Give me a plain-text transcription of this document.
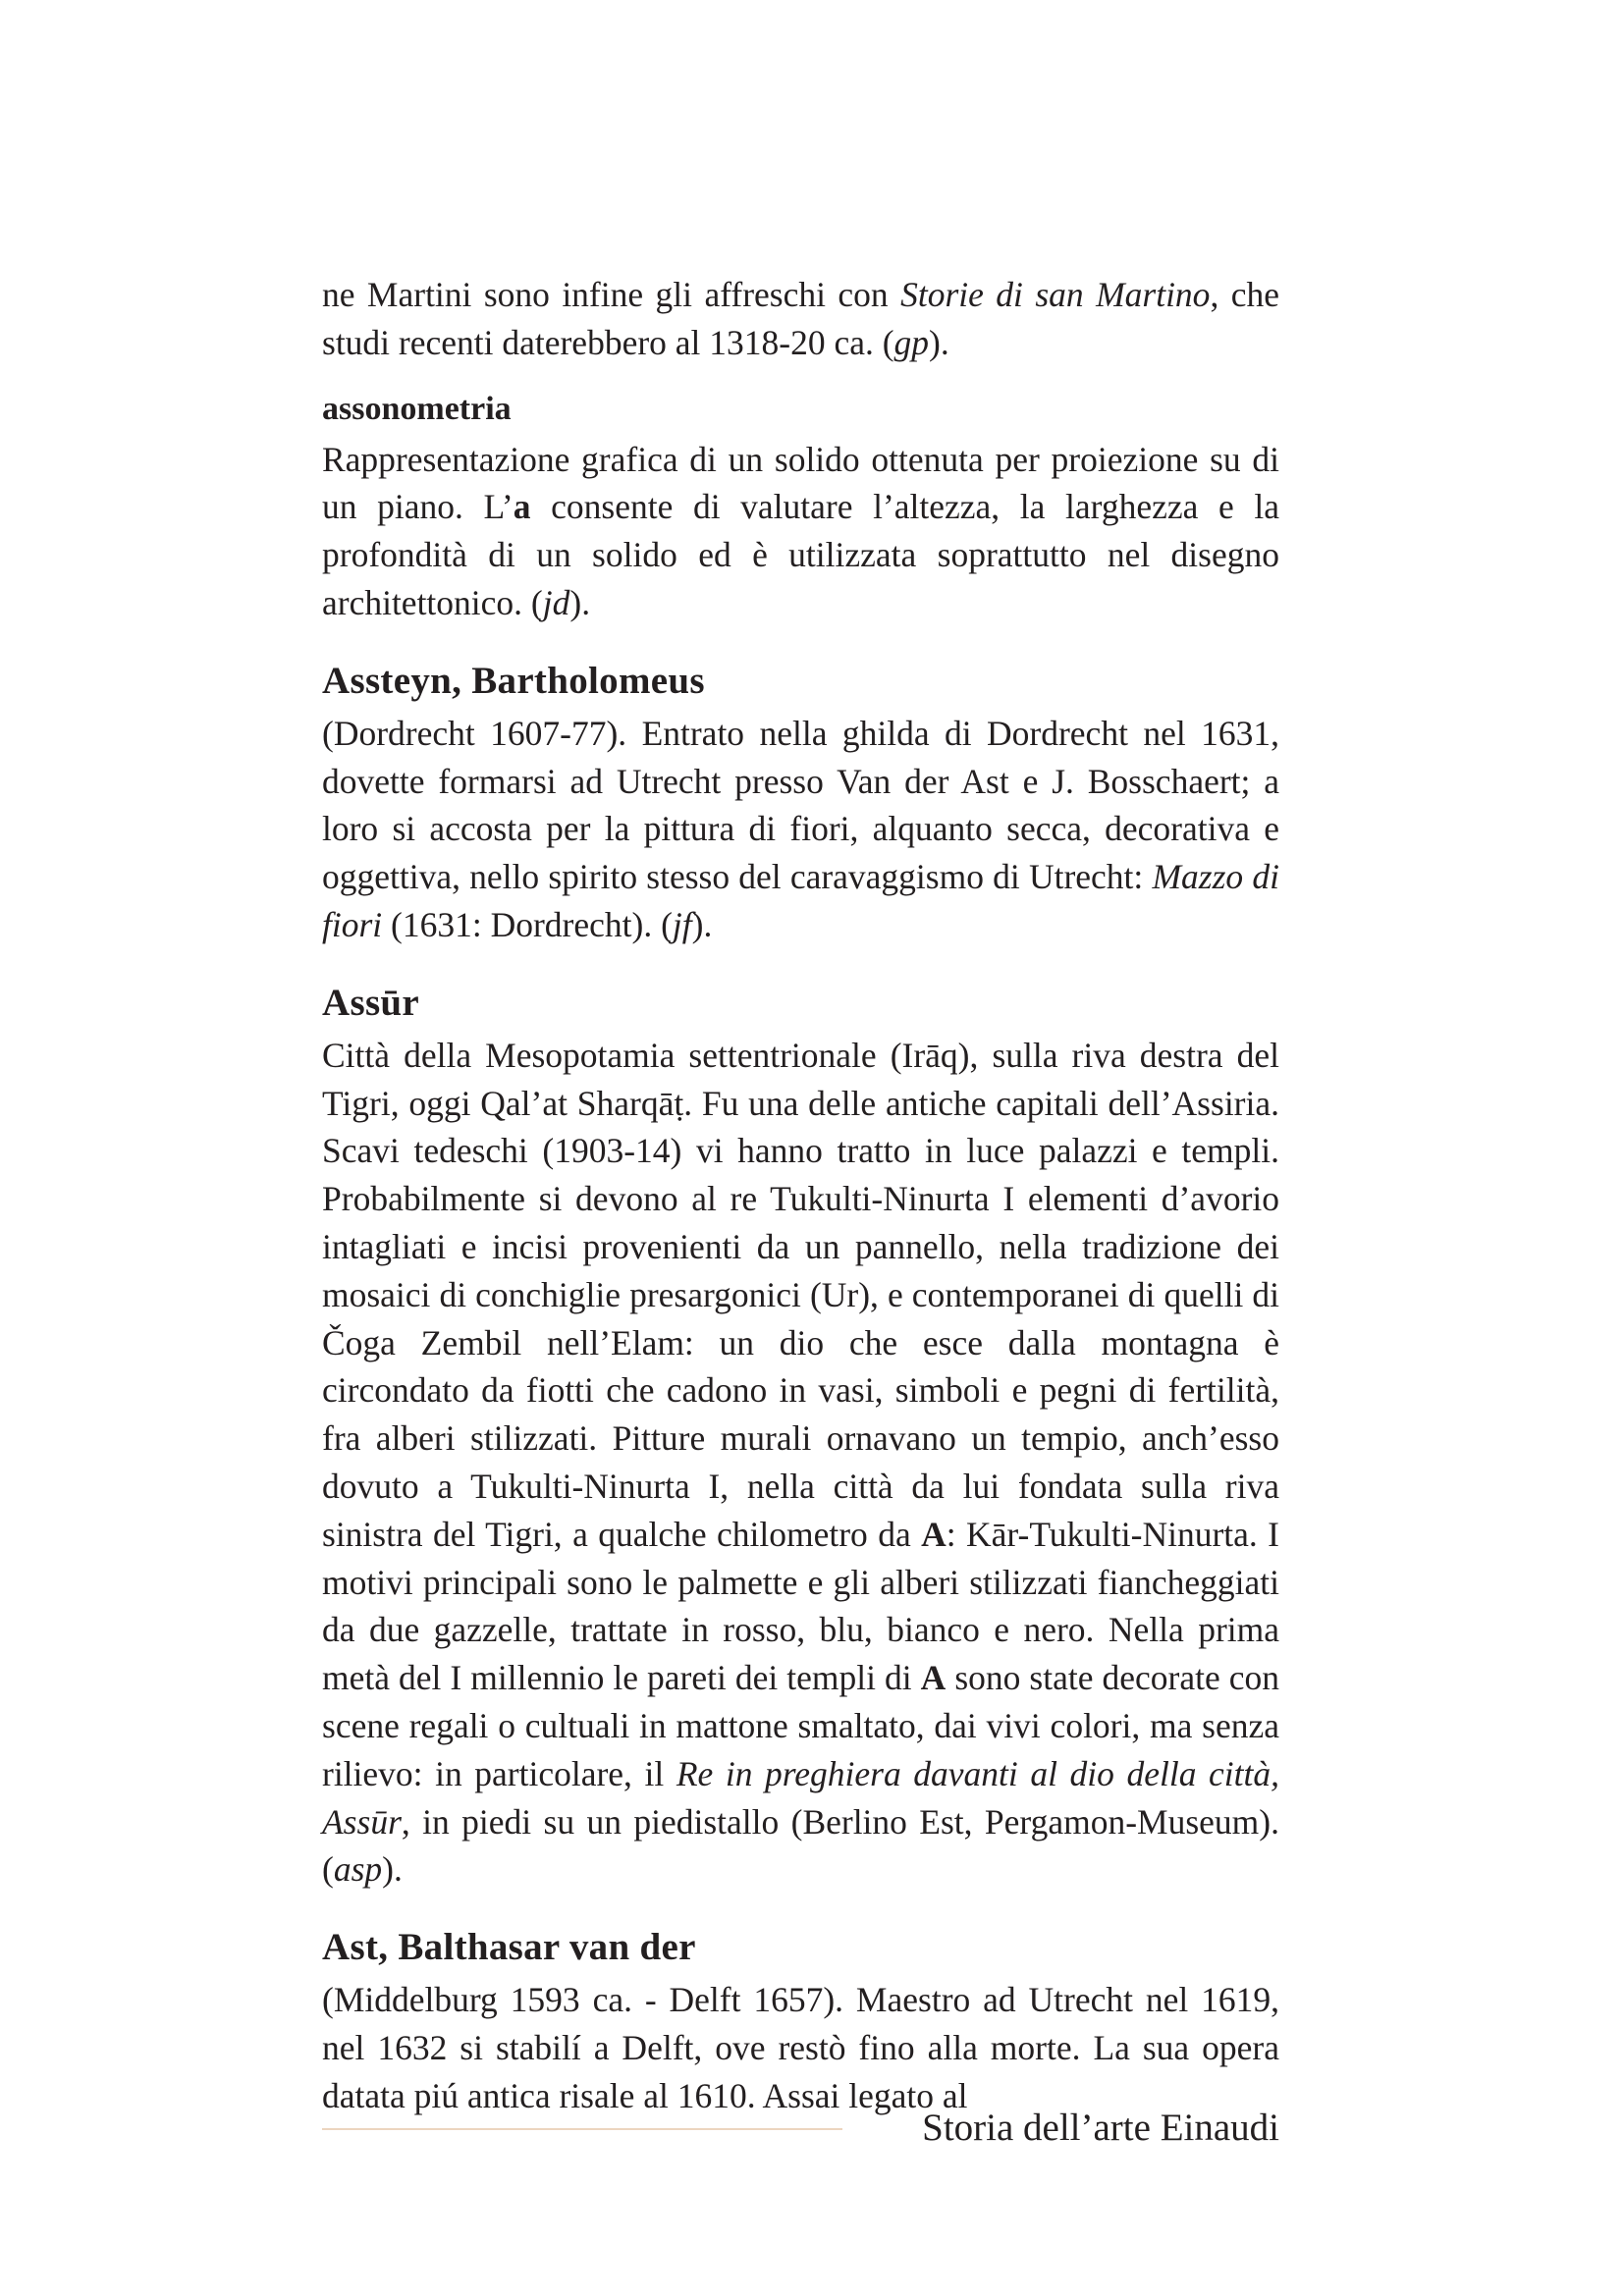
ne Martini sono infine gli affreschi con Storie di san Martino, che studi recenti daterebbero al 1318-20 ca. (gp).

assonometria

Rappresentazione grafica di un solido ottenuta per proiezione su di un piano. L’a consente di valutare l’altezza, la larghezza e la profondità di un solido ed è utilizzata soprattutto nel disegno architettonico. (jd).

Assteyn, Bartholomeus

(Dordrecht 1607-77). Entrato nella ghilda di Dordrecht nel 1631, dovette formarsi ad Utrecht presso Van der Ast e J. Bosschaert; a loro si accosta per la pittura di fiori, alquanto secca, decorativa e oggettiva, nello spirito stesso del caravaggismo di Utrecht: Mazzo di fiori (1631: Dordrecht). (jf).

Assūr

Città della Mesopotamia settentrionale (Irāq), sulla riva destra del Tigri, oggi Qal’at Sharqāṭ. Fu una delle antiche capitali dell’Assiria. Scavi tedeschi (1903-14) vi hanno tratto in luce palazzi e templi. Probabilmente si devono al re Tukulti-Ninurta I elementi d’avorio intagliati e incisi provenienti da un pannello, nella tradizione dei mosaici di conchiglie presargonici (Ur), e contemporanei di quelli di Čoga Zembil nell’Elam: un dio che esce dalla montagna è circondato da fiotti che cadono in vasi, simboli e pegni di fertilità, fra alberi stilizzati. Pitture murali ornavano un tempio, anch’esso dovuto a Tukulti-Ninurta I, nella città da lui fondata sulla riva sinistra del Tigri, a qualche chilometro da A: Kār-Tukulti-Ninurta. I motivi principali sono le palmette e gli alberi stilizzati fiancheggiati da due gazzelle, trattate in rosso, blu, bianco e nero. Nella prima metà del I millennio le pareti dei templi di A sono state decorate con scene regali o cultuali in mattone smaltato, dai vivi colori, ma senza rilievo: in particolare, il Re in preghiera davanti al dio della città, Assūr, in piedi su un piedistallo (Berlino Est, Pergamon-Museum). (asp).

Ast, Balthasar van der

(Middelburg 1593 ca. - Delft 1657). Maestro ad Utrecht nel 1619, nel 1632 si stabilí a Delft, ove restò fino alla morte. La sua opera datata piú antica risale al 1610. Assai legato al

Storia dell’arte Einaudi
